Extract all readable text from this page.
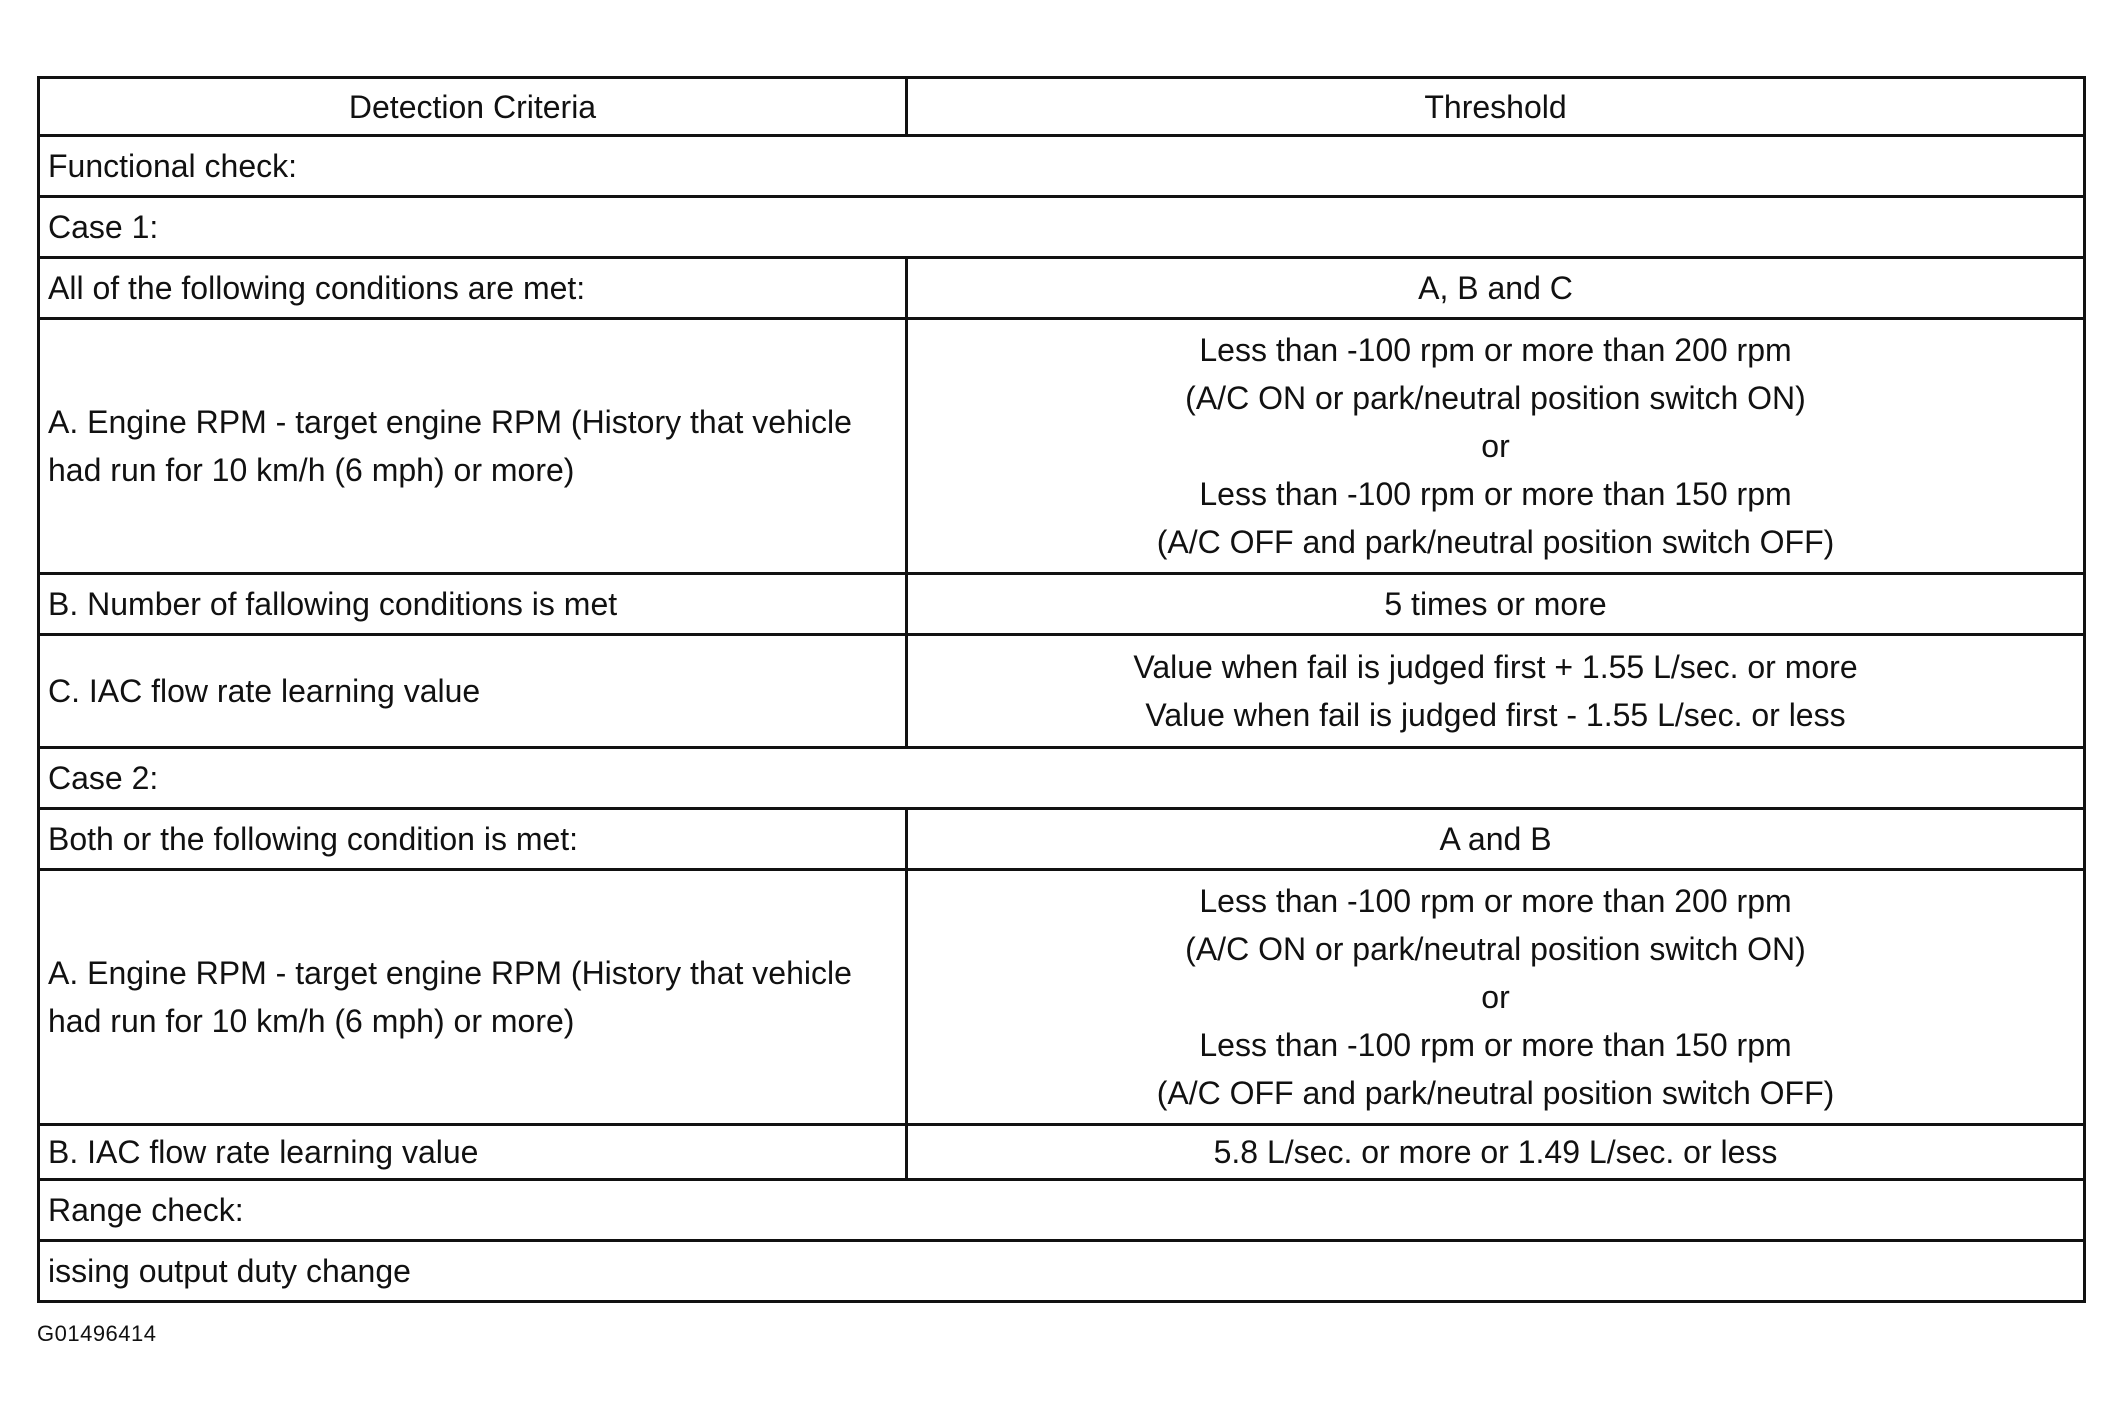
Detection Criteria	Threshold
Functional check:	
Case 1:	
All of the following conditions are met:	A, B and C
A. Engine RPM - target engine RPM (History that vehicle had run for 10 km/h (6 mph) or more)	Less than -100 rpm or more than 200 rpm
(A/C ON or park/neutral position switch ON)
or
Less than -100 rpm or more than 150 rpm
(A/C OFF and park/neutral position switch OFF)

B. Number of fallowing conditions is met	5 times or more
C. IAC flow rate learning value	Value when fail is judged first + 1.55 L/sec. or more
Value when fail is judged first - 1.55 L/sec. or less

Case 2:	
Both or the following condition is met:	A and B
A. Engine RPM - target engine RPM (History that vehicle had run for 10 km/h (6 mph) or more)	Less than -100 rpm or more than 200 rpm
(A/C ON or park/neutral position switch ON)
or
Less than -100 rpm or more than 150 rpm
(A/C OFF and park/neutral position switch OFF)

B. IAC flow rate learning value	5.8 L/sec. or more or 1.49 L/sec. or less
Range check:	
issing output duty change	
G01496414
